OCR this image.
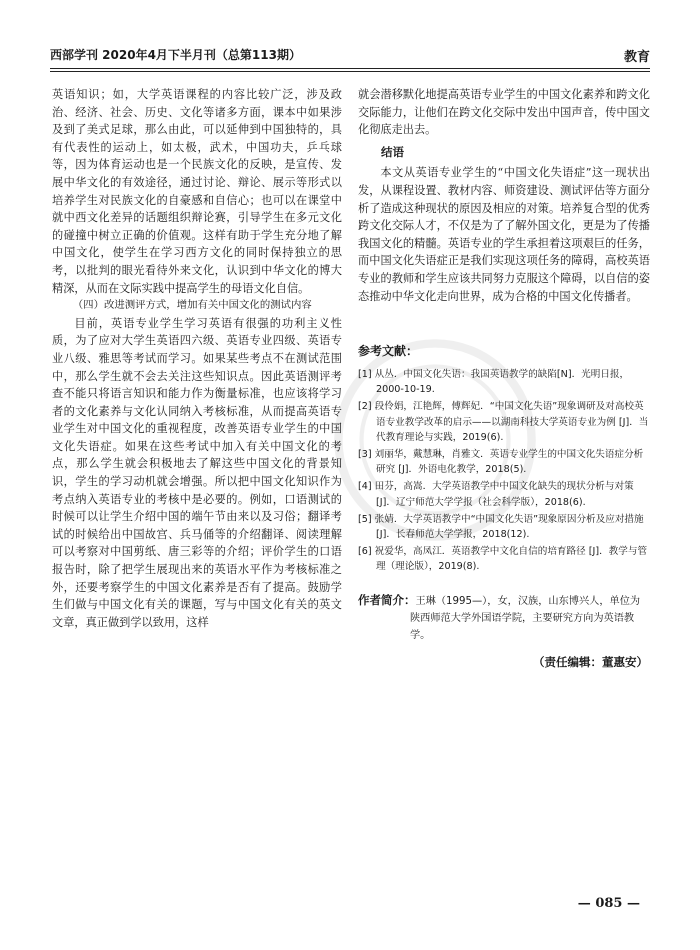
西部学刊 2020年4月下半月刊（总第113期）	教育

英语知识；如，大学英语课程的内容比较广泛，涉及政治、经济、社会、历史、文化等诸多方面，课本中如果涉及到了美式足球，那么由此，可以延伸到中国独特的，具有代表性的运动上，如太极，武术，中国功夫，乒乓球等，因为体育运动也是一个民族文化的反映，是宣传、发展中华文化的有效途径，通过讨论、辩论、展示等形式以培养学生对民族文化的自豪感和自信心；也可以在课堂中就中西文化差异的话题组织辩论赛，引导学生在多元文化的碰撞中树立正确的价值观。这样有助于学生充分地了解中国文化，使学生在学习西方文化的同时保持独立的思考，以批判的眼光看待外来文化，认识到中华文化的博大精深，从而在文际实践中提高学生的母语文化自信。

（四）改进测评方式，增加有关中国文化的测试内容

目前，英语专业学生学习英语有很强的功利主义性质，为了应对大学生英语四六级、英语专业四级、英语专业八级、雅思等考试而学习。如果某些考点不在测试范围中，那么学生就不会去关注这些知识点。因此英语测评考查不能只将语言知识和能力作为衡量标准，也应该将学习者的文化素养与文化认同纳入考核标准，从而提高英语专业学生对中国文化的重视程度，改善英语专业学生的中国文化失语症。如果在这些考试中加入有关中国文化的考点，那么学生就会积极地去了解这些中国文化的背景知识，学生的学习动机就会增强。所以把中国文化知识作为考点纳入英语专业的考核中是必要的。例如，口语测试的时候可以让学生介绍中国的端午节由来以及习俗；翻译考试的时候给出中国故宫、兵马俑等的介绍翻译、阅读理解可以考察对中国剪纸、唐三彩等的介绍；评价学生的口语报告时，除了把学生展现出来的英语水平作为考核标准之外，还要考察学生的中国文化素养是否有了提高。鼓励学生们做与中国文化有关的课题，写与中国文化有关的英文文章，真正做到学以致用，这样

就会潜移默化地提高英语专业学生的中国文化素养和跨文化交际能力，让他们在跨文化交际中发出中国声音，传中国文化彻底走出去。

结语

本文从英语专业学生的“中国文化失语症”这一现状出发，从课程设置、教材内容、师资建设、测试评估等方面分析了造成这种现状的原因及相应的对策。培养复合型的优秀跨文化交际人才，不仅是为了了解外国文化，更是为了传播我国文化的精髓。英语专业的学生承担着这项艰巨的任务，而中国文化失语症正是我们实现这项任务的障碍，高校英语专业的教师和学生应该共同努力克服这个障碍，以自信的姿态推动中华文化走向世界，成为合格的中国文化传播者。

参考文献：
[1] 从丛．中国文化失语：我国英语教学的缺陷[N]．光明日报，2000-10-19.
[2] 段伶娟，江艳辉，傅辉妃．“中国文化失语”现象调研及对高校英语专业教学改革的启示——以湖南科技大学英语专业为例 [J]．当代教育理论与实践，2019(6).
[3] 刘丽华，戴慧琳，肖雅文．英语专业学生的中国文化失语症分析研究 [J]．外语电化教学，2018(5).
[4] 田芬，高嵩．大学英语教学中中国文化缺失的现状分析与对策 [J]．辽宁师范大学学报（社会科学版），2018(6).
[5] 张婧．大学英语教学中“中国文化失语”现象原因分析及应对措施 [J]．长春师范大学学报，2018(12).
[6] 祝爱华，高凤江．英语教学中文化自信的培育路径 [J]．教学与管理（理论版），2019(8).
作者简介：王琳（1995—），女，汉族，山东博兴人，单位为陕西师范大学外国语学院，主要研究方向为英语教学。
（责任编辑：董惠安）
— 085 —
